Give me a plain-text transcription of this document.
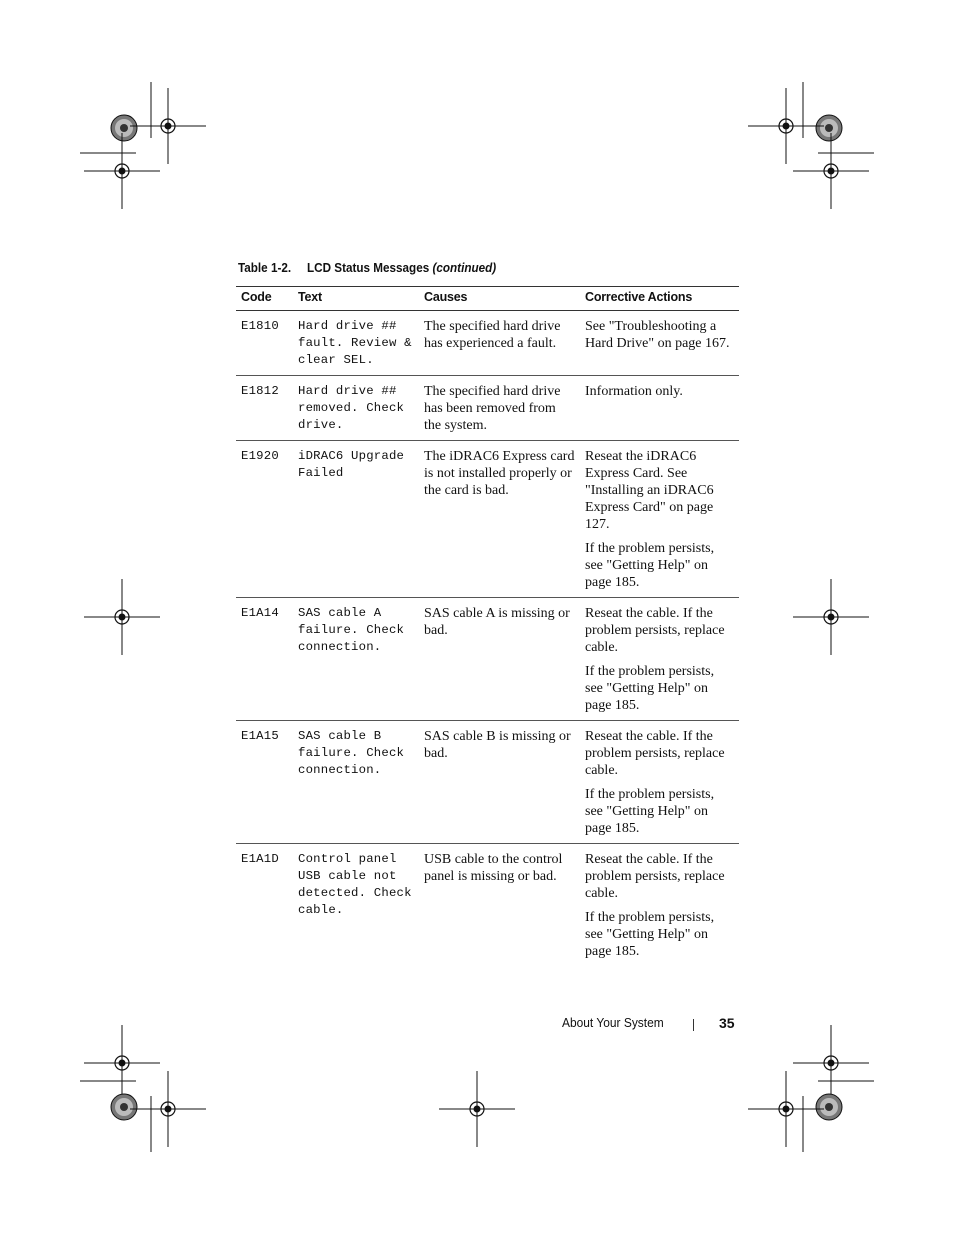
Table 1-2. LCD Status Messages (continued)
Code	Text	Causes	Corrective Actions
E1810	Hard drive ## fault. Review & clear SEL.	The specified hard drive has experienced a fault.	See "Troubleshooting a Hard Drive" on page 167.

E1812	Hard drive ## removed. Check drive.	The specified hard drive has been removed from the system.	Information only.

E1920	iDRAC6 Upgrade Failed	The iDRAC6 Express card is not installed properly or the card is bad.	Reseat the iDRAC6 Express Card. See "Installing an iDRAC6 Express Card" on page 127.
If the problem persists, see "Getting Help" on page 185.

E1A14	SAS cable A failure. Check connection.	SAS cable A is missing or bad.	Reseat the cable. If the problem persists, replace cable.
If the problem persists, see "Getting Help" on page 185.

E1A15	SAS cable B failure. Check connection.	SAS cable B is missing or bad.	Reseat the cable. If the problem persists, replace cable.
If the problem persists, see "Getting Help" on page 185.

E1A1D	Control panel USB cable not detected. Check cable.	USB cable to the control panel is missing or bad.	Reseat the cable. If the problem persists, replace cable.
If the problem persists, see "Getting Help" on page 185.
About Your System	35
